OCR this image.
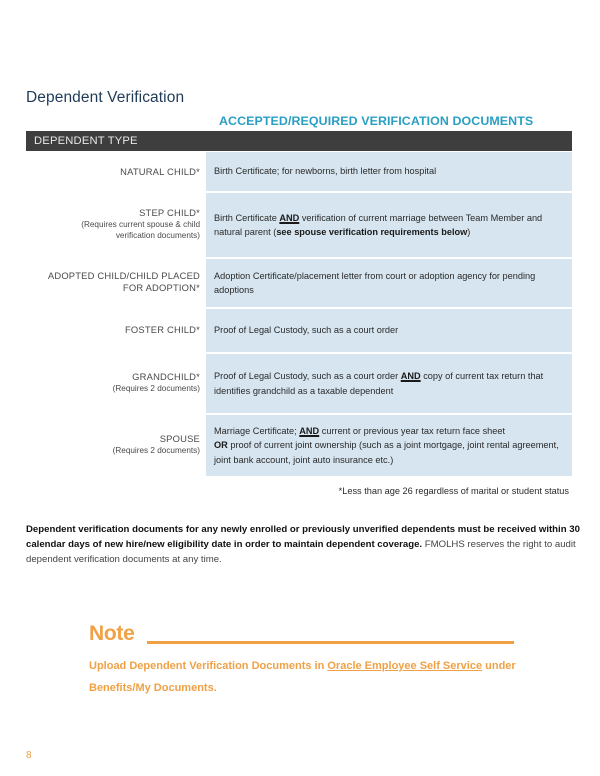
Dependent Verification
ACCEPTED/REQUIRED VERIFICATION DOCUMENTS
DEPENDENT TYPE
NATURAL CHILD* Birth Certificate; for newborns, birth letter from hospital
STEP CHILD*
(Requires current spouse & child verification documents)
Birth Certificate AND verification of current marriage between Team Member and natural parent (see spouse verification requirements below)
ADOPTED CHILD/CHILD PLACED FOR ADOPTION*
Adoption Certificate/placement letter from court or adoption agency for pending adoptions
FOSTER CHILD* Proof of Legal Custody, such as a court order
GRANDCHILD*
(Requires 2 documents)
Proof of Legal Custody, such as a court order AND copy of current tax return that identifies grandchild as a taxable dependent
SPOUSE
(Requires 2 documents)
Marriage Certificate; AND current or previous year tax return face sheet
OR proof of current joint ownership (such as a joint mortgage, joint rental agreement, joint bank account, joint auto insurance etc.)
*Less than age 26 regardless of marital or student status
Dependent verification documents for any newly enrolled or previously unverified dependents must be received within 30 calendar days of new hire/new eligibility date in order to maintain dependent coverage. FMOLHS reserves the right to audit dependent verification documents at any time.
Note
Upload Dependent Verification Documents in Oracle Employee Self Service under Benefits/My Documents.
8
